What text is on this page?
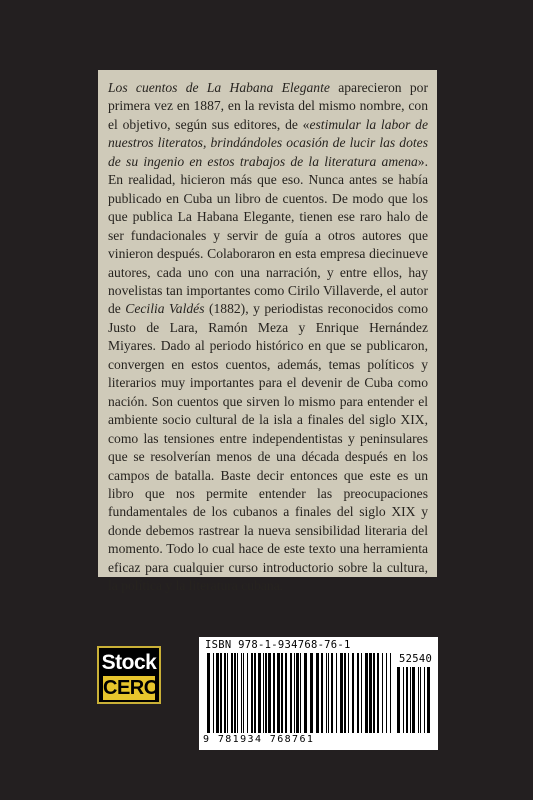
Los cuentos de La Habana Elegante aparecieron por primera vez en 1887, en la revista del mismo nombre, con el objetivo, según sus editores, de «estimular la labor de nuestros literatos, brindándoles ocasión de lucir las dotes de su ingenio en estos trabajos de la literatura amena». En realidad, hicieron más que eso. Nunca antes se había publicado en Cuba un libro de cuentos. De modo que los que publica La Habana Elegante, tienen ese raro halo de ser fundacionales y servir de guía a otros autores que vinieron después. Colaboraron en esta empresa diecinueve autores, cada uno con una narración, y entre ellos, hay novelistas tan importantes como Cirilo Villaverde, el autor de Cecilia Valdés (1882), y periodistas reconocidos como Justo de Lara, Ramón Meza y Enrique Hernández Miyares. Dado al periodo histórico en que se publicaron, convergen en estos cuentos, además, temas políticos y literarios muy importantes para el devenir de Cuba como nación. Son cuentos que sirven lo mismo para entender el ambiente socio cultural de la isla a finales del siglo XIX, como las tensiones entre independentistas y peninsulares que se resolverían menos de una década después en los campos de batalla. Baste decir entonces que este es un libro que nos permite entender las preocupaciones fundamentales de los cubanos a finales del siglo XIX y donde debemos rastrear la nueva sensibilidad literaria del momento. Todo lo cual hace de este texto una herramienta eficaz para cualquier curso introductorio sobre la cultura, la política y la literatura cubana.

Stock
CERO
ISBN 978-1-934768-76-1
52540
9 781934 768761
